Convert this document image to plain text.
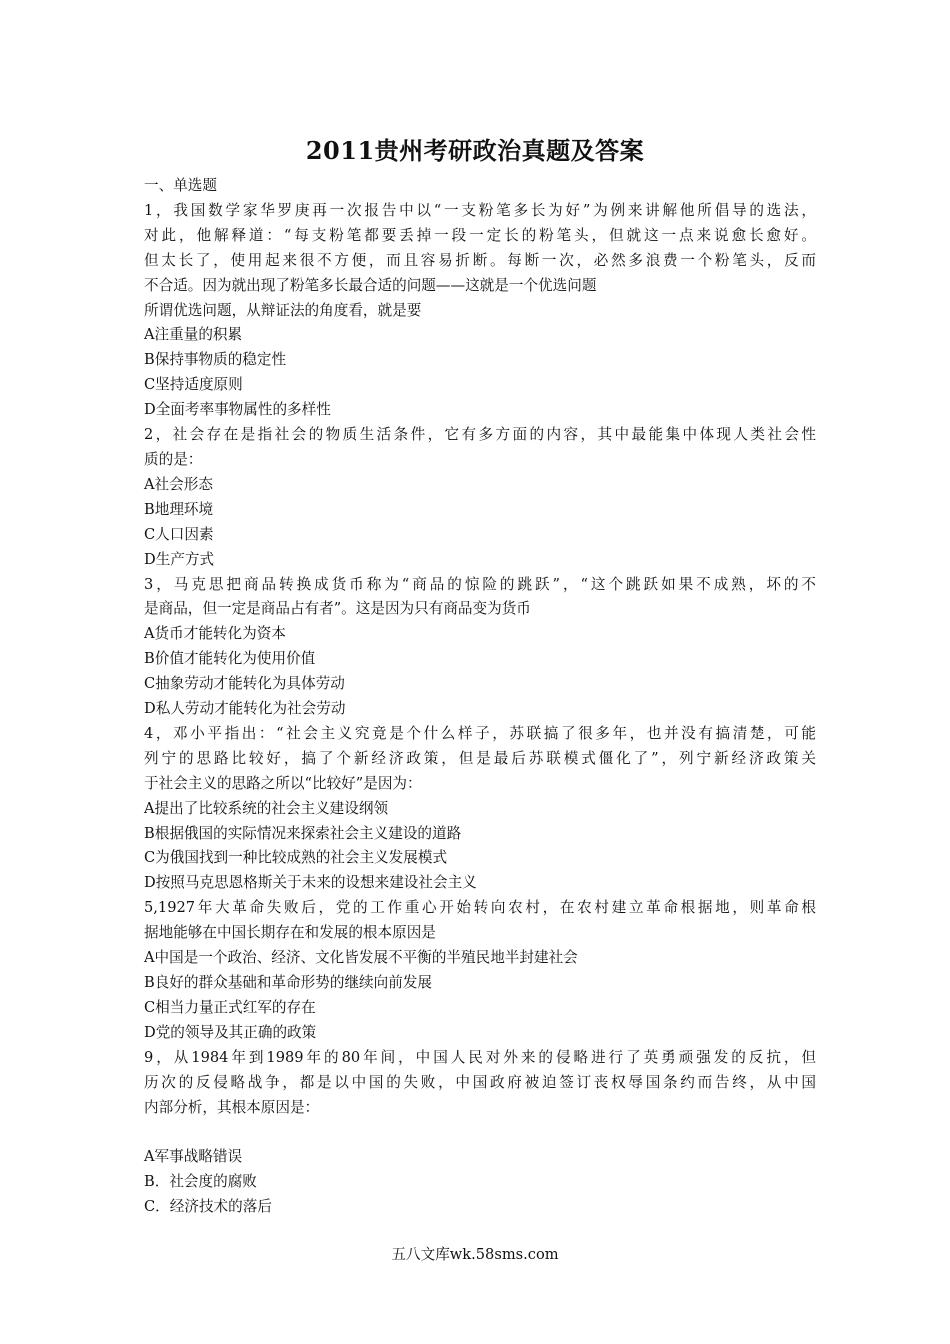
2011贵州考研政治真题及答案
一、单选题
1，我国数学家华罗庚再一次报告中以“一支粉笔多长为好”为例来讲解他所倡导的选法，
对此，他解释道：“每支粉笔都要丢掉一段一定长的粉笔头，但就这一点来说愈长愈好。
但太长了，使用起来很不方便，而且容易折断。每断一次，必然多浪费一个粉笔头，反而
不合适。因为就出现了粉笔多长最合适的问题——这就是一个优选问题
所谓优选问题，从辩证法的角度看，就是要
A注重量的积累
B保持事物质的稳定性
C坚持适度原则
D全面考率事物属性的多样性
2，社会存在是指社会的物质生活条件，它有多方面的内容，其中最能集中体现人类社会性
质的是：
A社会形态
B地理环境
C人口因素
D生产方式
3，马克思把商品转换成货币称为“商品的惊险的跳跃”，“这个跳跃如果不成熟，坏的不
是商品，但一定是商品占有者”。这是因为只有商品变为货币
A货币才能转化为资本
B价值才能转化为使用价值
C抽象劳动才能转化为具体劳动
D私人劳动才能转化为社会劳动
4，邓小平指出：“社会主义究竟是个什么样子，苏联搞了很多年，也并没有搞清楚，可能
列宁的思路比较好，搞了个新经济政策，但是最后苏联模式僵化了”，列宁新经济政策关
于社会主义的思路之所以“比较好”是因为：
A提出了比较系统的社会主义建设纲领
B根据俄国的实际情况来探索社会主义建设的道路
C为俄国找到一种比较成熟的社会主义发展模式
D按照马克思恩格斯关于未来的设想来建设社会主义
5,1927年大革命失败后，党的工作重心开始转向农村，在农村建立革命根据地，则革命根
据地能够在中国长期存在和发展的根本原因是
A中国是一个政治、经济、文化皆发展不平衡的半殖民地半封建社会
B良好的群众基础和革命形势的继续向前发展
C相当力量正式红军的存在
D党的领导及其正确的政策
9，从1984年到1989年的80年间，中国人民对外来的侵略进行了英勇顽强发的反抗，但
历次的反侵略战争，都是以中国的失败，中国政府被迫签订丧权辱国条约而告终，从中国
内部分析，其根本原因是：
A军事战略错误
B．社会度的腐败
C．经济技术的落后
五八文库wk.58sms.com
